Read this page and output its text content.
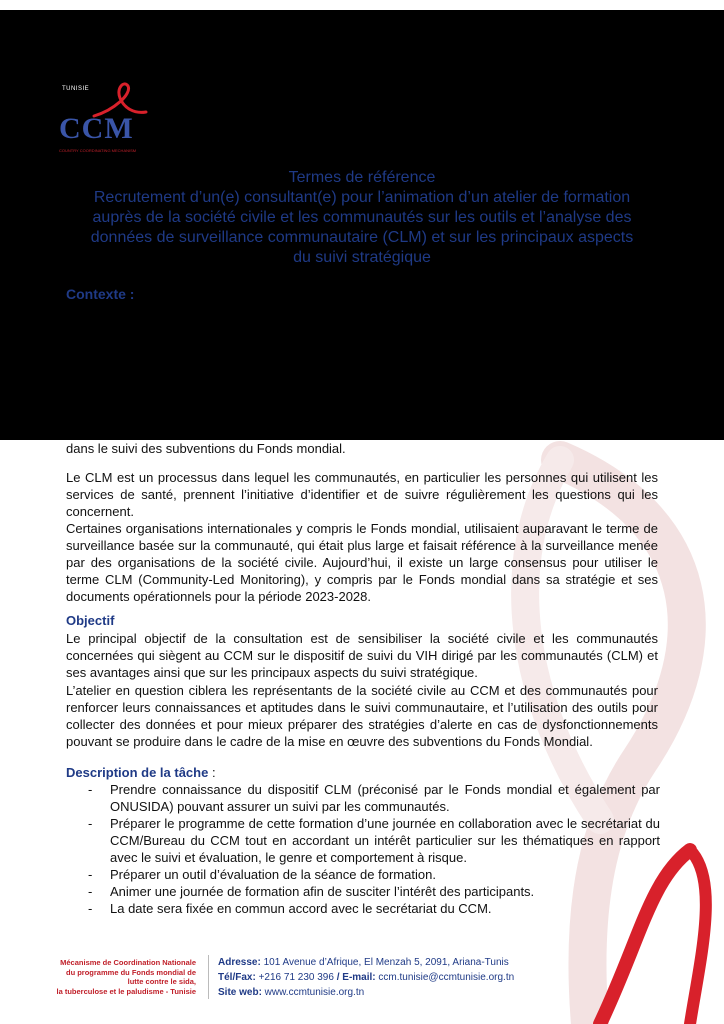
TUNISIE
CCM
COUNTRY COORDINATING MECHANISM
Termes de référence
Recrutement d’un(e) consultant(e) pour l’animation d’un atelier de formation
auprès de la société civile et les communautés sur les outils et l’analyse des
données de surveillance communautaire (CLM) et sur les principaux aspects
du suivi stratégique
Contexte :
dans le suivi des subventions du Fonds mondial.
Le CLM est un processus dans lequel les communautés, en particulier les personnes qui utilisent les services de santé, prennent l’initiative d’identifier et de suivre régulièrement les questions qui les concernent.
Certaines organisations internationales y compris le Fonds mondial, utilisaient auparavant le terme de surveillance basée sur la communauté, qui était plus large et faisait référence à la surveillance menée par des organisations de la société civile. Aujourd’hui, il existe un large consensus pour utiliser le terme CLM (Community-Led Monitoring), y compris par le Fonds mondial dans sa stratégie et ses documents opérationnels pour la période 2023-2028.
Objectif
Le principal objectif de la consultation est de sensibiliser la société civile et les communautés concernées qui siègent au CCM sur le dispositif de suivi du VIH dirigé par les communautés (CLM) et ses avantages ainsi que sur les principaux aspects du suivi stratégique.
L’atelier en question ciblera les représentants de la société civile au CCM et des communautés pour renforcer leurs connaissances et aptitudes dans le suivi communautaire, et l’utilisation des outils pour collecter des données et pour mieux préparer des stratégies d’alerte en cas de dysfonctionnements pouvant se produire dans le cadre de la mise en œuvre des subventions du Fonds Mondial.
Description de la tâche :
- Prendre connaissance du dispositif CLM (préconisé par le Fonds mondial et également par ONUSIDA) pouvant assurer un suivi par les communautés.
- Préparer le programme de cette formation d’une journée en collaboration avec le secrétariat du CCM/Bureau du CCM tout en accordant un intérêt particulier sur les thématiques en rapport avec le suivi et évaluation, le genre et comportement à risque.
- Préparer un outil d’évaluation de la séance de formation.
- Animer une journée de formation afin de susciter l’intérêt des participants.
- La date sera fixée en commun accord avec le secrétariat du CCM.
Mécanisme de Coordination Nationale
du programme du Fonds mondial de
lutte contre le sida,
la tuberculose et le paludisme - Tunisie
Adresse: 101 Avenue d’Afrique, El Menzah 5, 2091, Ariana-Tunis
Tél/Fax: +216 71 230 396 / E-mail: ccm.tunisie@ccmtunisie.org.tn
Site web: www.ccmtunisie.org.tn
